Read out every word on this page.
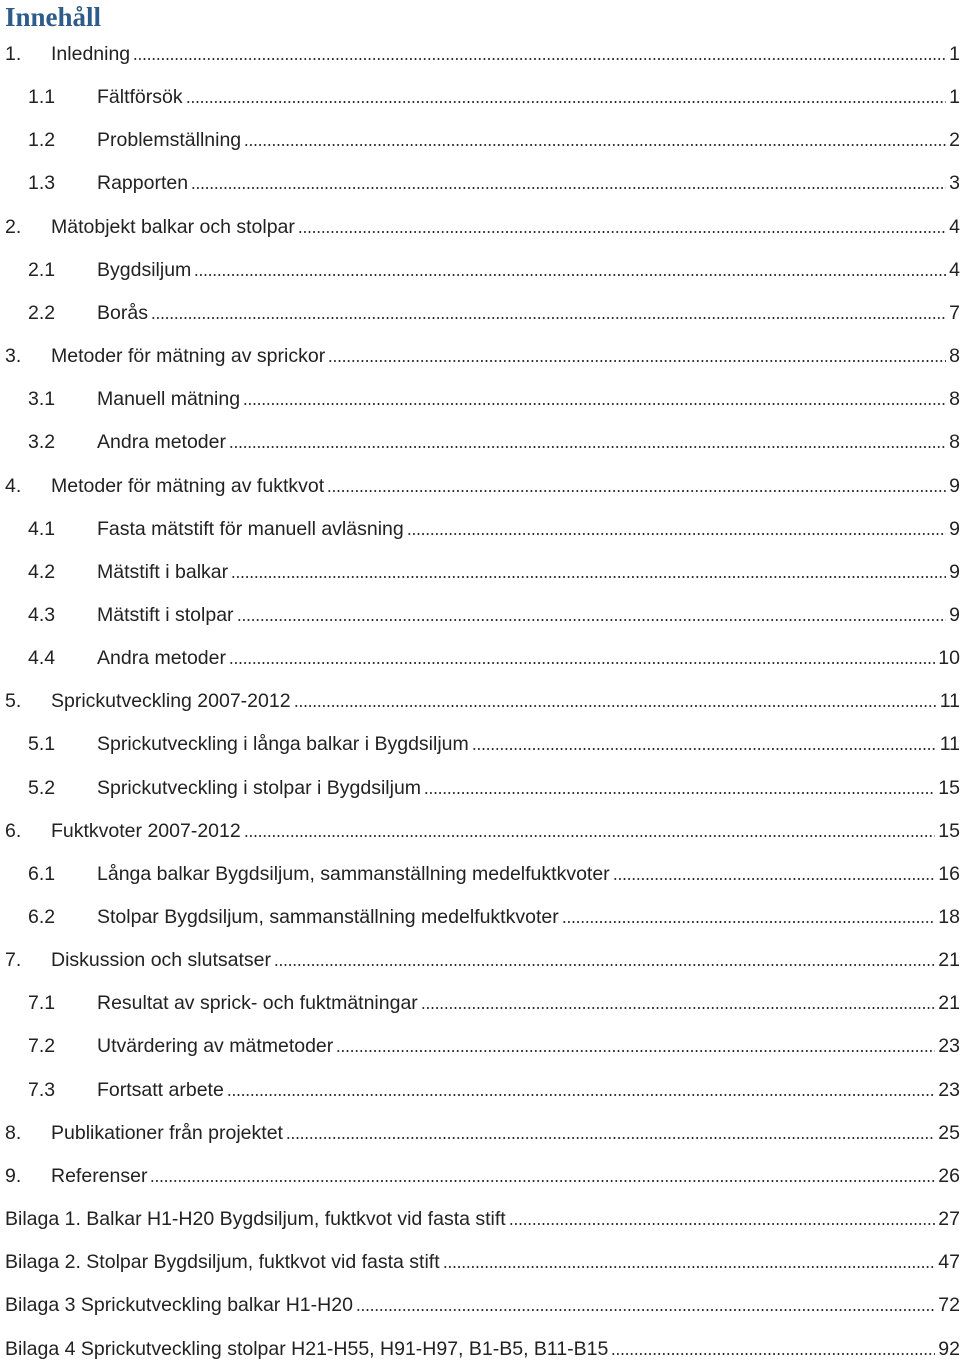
Innehåll
1.	Inledning	1
1.1	Fältförsök	1
1.2	Problemställning	2
1.3	Rapporten	3
2.	Mätobjekt balkar och stolpar	4
2.1	Bygdsiljum	4
2.2	Borås	7
3.	Metoder för mätning av sprickor	8
3.1	Manuell mätning	8
3.2	Andra metoder	8
4.	Metoder för mätning av fuktkvot	9
4.1	Fasta mätstift för manuell avläsning	9
4.2	Mätstift i balkar	9
4.3	Mätstift i stolpar	9
4.4	Andra metoder	10
5.	Sprickutveckling 2007-2012	11
5.1	Sprickutveckling i långa balkar i Bygdsiljum	11
5.2	Sprickutveckling i stolpar i Bygdsiljum	15
6.	Fuktkvoter 2007-2012	15
6.1	Långa balkar Bygdsiljum, sammanställning medelfuktkvoter	16
6.2	Stolpar Bygdsiljum, sammanställning medelfuktkvoter	18
7.	Diskussion och slutsatser	21
7.1	Resultat av sprick- och fuktmätningar	21
7.2	Utvärdering av mätmetoder	23
7.3	Fortsatt arbete	23
8.	Publikationer från projektet	25
9.	Referenser	26
Bilaga 1. Balkar H1-H20 Bygdsiljum, fuktkvot vid fasta stift	27
Bilaga 2. Stolpar Bygdsiljum, fuktkvot vid fasta stift	47
Bilaga 3 Sprickutveckling balkar H1-H20	72
Bilaga 4 Sprickutveckling stolpar H21-H55, H91-H97, B1-B5, B11-B15	92
